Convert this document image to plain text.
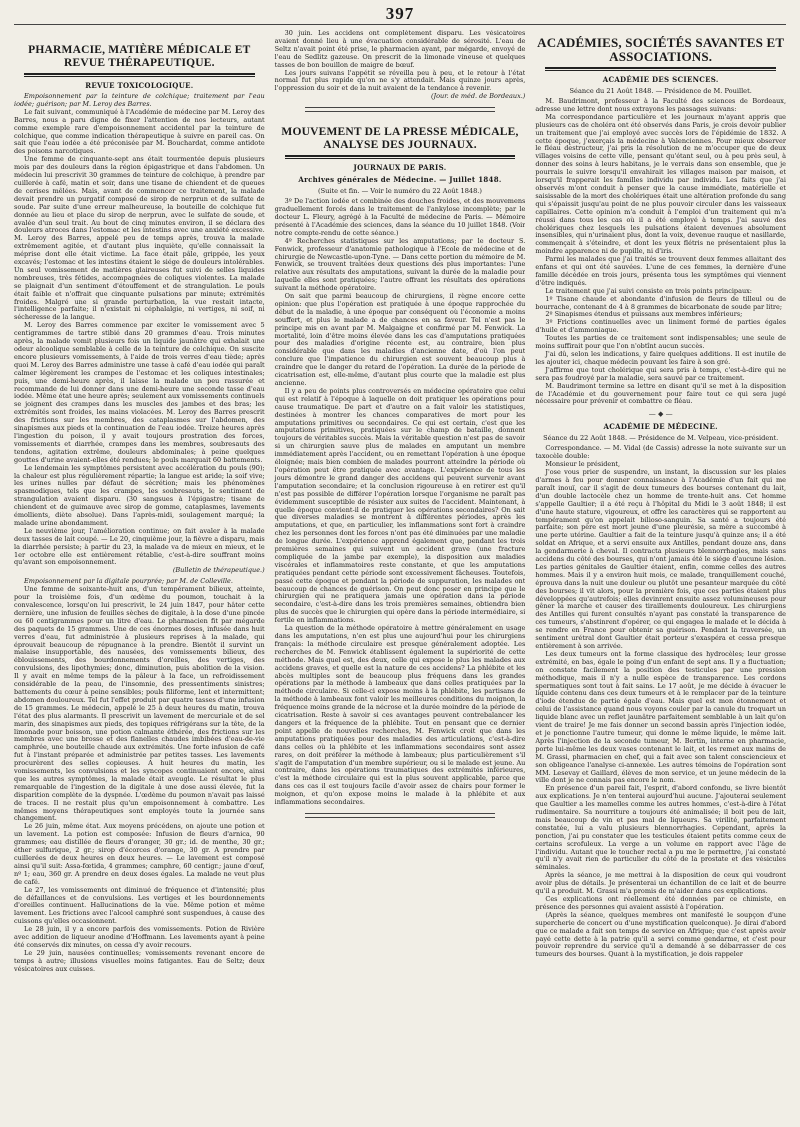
397
PHARMACIE, MATIÈRE MÉDICALE ET REVUE THÉRAPEUTIQUE.
REVUE TOXICOLOGIQUE.

Empoisonnement par la teinture de colchique; traitement par l'eau iodée; guérison; par M. Leroy des Barres.

Le fait suivant, communiqué à l'Académie de médecine par M. Leroy des Barres, nous a paru digne de fixer l'attention de nos lecteurs, autant comme exemple rare d'empoisonnement accidentel par la teinture de colchique, que comme indication thérapeutique à suivre en pareil cas. On sait que l'eau iodée a été préconisée par M. Bouchardat, comme antidote des poisons narcotiques.

Une femme de cinquante-sept ans était tourmentée depuis plusieurs mois par des douleurs dans la région épigastrique et dans l'abdomen. Un médecin lui prescrivit 30 grammes de teinture de colchique, à prendre par cuillerée à café, matin et soir, dans une tisane de chiendent et de queues de cerises mêlées. Mais, avant de commencer ce traitement, la malade devait prendre un purgatif composé de sirop de nerprun et de sulfate de soude. Par suite d'une erreur malheureuse, la bouteille de colchique fut donnée au lieu et place du sirop de nerprun, avec le sulfate de soude, et avalée d'un seul trait. Au bout de cinq minutes environ, il se déclara des douleurs atroces dans l'estomac et les intestins avec une anxiété excessive. M. Leroy des Barres, appelé peu de temps après, trouva la malade extrêmement agitée, et d'autant plus inquiète, qu'elle connaissait la méprise dont elle était victime. La face était pâle, grippée, les yeux excavés; l'estomac et les intestins étaient le siége de douleurs intolérables. Un seul vomissement de matières glaireuses fut suivi de selles liquides nombreuses, très fétides, accompagnées de coliques violentes. La malade se plaignait d'un sentiment d'étouffement et de strangulation. Le pouls était faible et n'offrait que cinquante pulsations par minute; extrémités froides. Malgré une si grande perturbation, la vue restait intacte, l'intelligence parfaite; il n'existait ni céphalalgie, ni vertiges, ni soif, ni sécheresse de la langue.

M. Leroy des Barres commence par exciter le vomissement avec 5 centigrammes de tartre stibié dans 20 grammes d'eau. Trois minutes après, la malade vomit plusieurs fois un liquide jaunâtre qui exhalait une odeur alcoolique semblable à celle de la teinture de colchique. On suscite encore plusieurs vomissements, à l'aide de trois verres d'eau tiède; après quoi M. Leroy des Barres administre une tasse à café d'eau iodée qui paraît calmer légèrement les crampes de l'estomac et les coliques intestinales; puis, une demi-heure après, il laisse la malade un peu rassurée et recommande de lui donner dans une demi-heure une seconde tasse d'eau iodée. Même état une heure après; seulement aux vomissements continuels se joignent des crampes dans les muscles des jambes et des bras; les extrémités sont froides, les mains violacées. M. Leroy des Barres prescrit des frictions sur les membres, des cataplasmes sur l'abdomen, des sinapismes aux pieds et la continuation de l'eau iodée. Treize heures après l'ingestion du poison, il y avait toujours prostration des forces, vomissements et diarrhée, crampes dans les membres, soubresauts des tendons, agitation extrême, douleurs abdominales; à peine quelques gouttes d'urine avaient-elles été rendues; le pouls marquait 60 battements.

Le lendemain les symptômes persistent avec accélération du pouls (90); la chaleur est plus régulièrement répartie; la langue est aride; la soif vive; les urines nulles par défaut de sécrétion; mais les phénomènes spasmodiques, tels que les crampes, les soubresauts, le sentiment de strangulation avaient disparu. (30 sangsues à l'épigastre; tisane de chiendent et de guimauve avec sirop de gomme, cataplasmes, lavements émollients, diète absolue). Dans l'après-midi, soulagement marqué; la malade urine abondamment.

Le neuvième jour, l'amélioration continue; on fait avaler à la malade deux tasses de lait coupé. — Le 20, cinquième jour, la fièvre a disparu, mais la diarrhée persiste; à partir du 23, la malade va de mieux en mieux, et le 1er octobre elle est entièrement rétablie, c'est-à-dire souffrant moins qu'avant son empoisonnement.

(Bulletin de thérapeutique.)

Empoisonnement par la digitale pourprée; par M. de Colleville.

Une femme de soixante-huit ans, d'un tempérament bilieux, atteinte, pour la troisième fois, d'un œdème du poumon, touchait à la convalescence, lorsqu'on lui prescrivit, le 24 juin 1847, pour hâter cette dernière, une infusion de feuilles sèches de digitale, à la dose d'une pincée ou 60 centigrammes pour un litre d'eau. Le pharmacien fit par mégarde des paquets de 15 grammes. Une de ces énormes doses, infusée dans huit verres d'eau, fut administrée à plusieurs reprises à la malade, qui éprouvait beaucoup de répugnance à la prendre. Bientôt il survint un malaise insupportable, des nausées, des vomissements bilieux, des éblouissements, des bourdonnements d'oreilles, des vertiges, des convulsions, des lipothymies; donc, diminution, puis abolition de la vision. Il y avait en même temps de la pâleur à la face, un refroidissement considérable de la peau, de l'insomnie, des pressentiments sinistres; battements du cœur à peine sensibles; pouls filiforme, lent et intermittent; abdomen douloureux. Tel fut l'effet produit par quatre tasses d'une infusion de 15 grammes. Le médecin, appelé le 25 à deux heures du matin, trouva l'état des plus alarmants. Il prescrivit un lavement de mercuriale et de sel marin, des sinapismes aux pieds, des topiques réfrigérans sur la tête, de la limonade pour boisson, une potion calmante éthérée, des frictions sur les membres avec une brosse et des flanelles chaudes imbibées d'eau-de-vie camphrée, une bouteille chaude aux extrémités. Une forte infusion de café fut à l'instant préparée et administrée par petites tasses. Les lavements procurèrent des selles copieuses. A huit heures du matin, les vomissements, les convulsions et les syncopes continuaient encore, ainsi que les autres symptômes, la malade était aveugle. Le résultat le plus remarquable de l'ingestion de la digitale à une dose aussi élevée, fut la disparition complète de la dyspnée. L'œdème du poumon n'avait pas laissé de traces. Il ne restait plus qu'un empoisonnement à combattre. Les mêmes moyens thérapeutiques sont employés toute la journée sans changement.

Le 26 juin, même état. Aux moyens précédens, on ajoute une potion et un lavement. La potion est composée: Infusion de fleurs d'arnica, 90 grammes; eau distillée de fleurs d'oranger, 30 gr.; id. de menthe, 30 gr.; éther sulfurique, 2 gr.; sirop d'écorces d'orange, 30 gr. A prendre par cuillerées de deux heures en deux heures. — Le lavement est composé ainsi qu'il suit: Assa-fœtida, 4 grammes; camphre, 60 centigr.; jaune d'œuf, nº 1; eau, 360 gr. A prendre en deux doses égales. La malade ne veut plus de café.

Le 27, les vomissements ont diminué de fréquence et d'intensité; plus de défaillances et de convulsions. Les vertiges et les bourdonnements d'oreilles continuent. Hallucinations de la vue. Même potion et même lavement. Les frictions avec l'alcool camphré sont suspendues, à cause des cuissons qu'elles occasionnent.

Le 28 juin, il y a encore parfois des vomissements. Potion de Rivière avec addition de liqueur anodine d'Hoffmann. Les lavements ayant à peine été conservés dix minutes, on cessa d'y avoir recours.

Le 29 juin, nausées continuelles; vomissements revenant encore de temps à autre; illusions visuelles moins fatigantes. Eau de Seltz; deux vésicatoires aux cuisses.

30 juin. Les accidens ont complètement disparu. Les vésicatoires avaient donné lieu à une évacuation considérable de sérosité. L'eau de Seltz n'avait point été prise, le pharmacien ayant, par mégarde, envoyé de l'eau de Sedlitz gazeuse. On prescrit de la limonade vineuse et quelques tasses de bon bouillon de maigre de bœuf.

Les jours suivans l'appétit se réveilla peu à peu, et le retour à l'état normal fut plus rapide qu'on ne s'y attendait. Mais quinze jours après, l'oppression du soir et de la nuit avaient de la tendance à revenir.

(Jour. de méd. de Bordeaux.)

MOUVEMENT DE LA PRESSE MÉDICALE, ANALYSE DES JOURNAUX.
JOURNAUX DE PARIS.
Archives générales de Médecine. — Juillet 1848.
(Suite et fin. — Voir le numéro du 22 Août 1848.)

3º De l'action iodée et combinée des douches froides, et des mouvemens graduellement forcés dans le traitement de l'ankylose incomplète; par le docteur L. Fleury, agrégé à la Faculté de médecine de Paris. — Mémoire présenté à l'Académie des sciences, dans la séance du 10 juillet 1848. (Voir notre compte-rendu de cette séance.)

4º Recherches statistiques sur les amputations; par le docteur S. Fenwick, professeur d'anatomie pathologique à l'Ecole de médecine et de chirurgie de Newcastle-upon-Tyne. — Dans cette portion du mémoire de M. Fenwick, se trouvent traitées deux questions des plus importantes: l'une relative aux résultats des amputations, suivant la durée de la maladie pour laquelle elles sont pratiquées; l'autre offrant les résultats des opérations suivant la méthode opératoire.

On sait que parmi beaucoup de chirurgiens, il règne encore cette opinion: que plus l'opération est pratiquée à une époque rapprochée du début de la maladie, à une époque par conséquent où l'économie a moins souffert, et plus le malade a de chances en sa faveur. Tel n'est pas le principe mis en avant par M. Malgaigne et confirmé par M. Fenwick. La mortalité, loin d'être moins élevée dans les cas d'amputations pratiquées pour des maladies d'origine récente est, au contraire, bien plus considérable que dans les maladies d'ancienne date, d'où l'on peut conclure que l'impatience du chirurgien est souvent beaucoup plus à craindre que le danger du retard de l'opération. La durée de la période de cicatrisation est, elle-même, d'autant plus courte que la maladie est plus ancienne.

Il y a peu de points plus controversés en médecine opératoire que celui qui est relatif à l'époque à laquelle on doit pratiquer les opérations pour cause traumatique. De part et d'autre on a fait valoir les statistiques, destinées à montrer les chances comparatives de mort pour les amputations primitives ou secondaires. Ce qui est certain, c'est que les amputations primitives, pratiquées sur le champ de bataille, donnent toujours de véritables succès. Mais la véritable question n'est pas de savoir si un chirurgien sauve plus de malades en amputant un membre immédiatement après l'accident, ou en remettant l'opération à une époque éloignée; mais bien combien de malades pourront atteindre la période où l'opération peut être pratiquée avec avantage. L'expérience de tous les jours démontre le grand danger des accidens qui peuvent survenir avant l'amputation secondaire; et la conclusion rigoureuse à en retirer est qu'il n'est pas possible de différer l'opération lorsque l'organisme ne paraît pas évidemment susceptible de résister aux suites de l'accident. Maintenant, à quelle époque convient-il de pratiquer les opérations secondaires? On sait que diverses maladies se montrent à différentes périodes, après les amputations, et que, en particulier, les inflammations sont fort à craindre chez les personnes dont les forces n'ont pas été diminuées par une maladie de longue durée. L'expérience apprend également que, pendant les trois premières semaines qui suivent un accident grave (une fracture compliquée de la jambe par exemple), la disposition aux maladies viscérales et inflammatoires reste constante, et que les amputations pratiquées pendant cette période sont excessivement fâcheuses. Toutefois, passé cette époque et pendant la période de suppuration, les malades ont beaucoup de chances de guérison. On peut donc poser en principe que le chirurgien qui ne pratiquera jamais une opération dans la période secondaire, c'est-à-dire dans les trois premières semaines, obtiendra bien plus de succès que le chirurgien qui opère dans la période intermédiaire, si fertile en inflammations.

La question de la méthode opératoire à mettre généralement en usage dans les amputations, n'en est plus une aujourd'hui pour les chirurgiens français: la méthode circulaire est presque généralement adoptée. Les recherches de M. Fenwick établissent également la supériorité de cette méthode. Mais quel est, des deux, celle qui expose le plus les malades aux accidens graves, et quelle est la nature de ces accidens? La phlébite et les abcès multiples sont de beaucoup plus fréquens dans les grandes opérations par la méthode à lambeaux que dans celles pratiquées par la méthode circulaire. Si celle-ci expose moins à la phlébite, les partisans de la méthode à lambeaux font valoir les meilleures conditions du moignon, la fréquence moins grande de la nécrose et la durée moindre de la période de cicatrisation. Reste à savoir si ces avantages peuvent contrebalancer les dangers et la fréquence de la phlébite. Tout en pensant que ce dernier point appelle de nouvelles recherches, M. Fenwick croit que dans les amputations pratiquées pour des maladies des articulations, c'est-à-dire dans celles où la phlébite et les inflammations secondaires sont assez rares, on doit préférer la méthode à lambeaux; plus particulièrement s'il s'agit de l'amputation d'un membre supérieur, ou si le malade est jeune. Au contraire, dans les opérations traumatiques des extrémités inférieures, c'est la méthode circulaire qui est la plus souvent applicable, parce que dans ces cas il est toujours facile d'avoir assez de chairs pour former le moignon, et qu'on expose moins le malade à la phlébite et aux inflammations secondaires.

ACADÉMIES, SOCIÉTÉS SAVANTES ET ASSOCIATIONS.
ACADÉMIE DES SCIENCES.
Séance du 21 Août 1848. — Présidence de M. Pouillet.

M. Baudrimont, professeur à la Faculté des sciences de Bordeaux, adresse une lettre dont nous extrayons les passages suivans:

Ma correspondance particulière et les journaux m'ayant appris que plusieurs cas de choléra ont été observés dans Paris, je crois devoir publier un traitement que j'ai employé avec succès lors de l'épidémie de 1832. A cette époque, j'exerçais la médecine à Valenciennes. Pour mieux observer le fléau destructeur, j'ai pris la résolution de ne m'occuper que de deux villages voisins de cette ville, pensant qu'étant seul, ou à peu près seul, à donner des soins à leurs habitans, je le verrais dans son ensemble, que je pourrais le suivre lorsqu'il envahirait les villages maison par maison, et lorsqu'il frapperait les familles individu par individu. Les faits que j'ai observés m'ont conduit à penser que la cause immédiate, matérielle et saisissable de la mort des cholériques était une altération profonde du sang qui s'épaissit jusqu'au point de ne plus pouvoir circuler dans les vaisseaux capillaires. Cette opinion m'a conduit à l'emploi d'un traitement qui m'a réussi dans tous les cas où il a été employé à temps. J'ai sauvé des cholériques chez lesquels les pulsations étaient devenues absolument insensibles, qui n'urinaient plus, dont la voix, devenue rauque et nasillarde, commençait à s'éteindre, et dont les yeux flétris ne présentaient plus la moindre apparence ni de pupille, ni d'iris.

Parmi les malades que j'ai traités se trouvent deux femmes allaitant des enfans et qui ont été sauvées. L'une de ces femmes, la dernière d'une famille décédée en trois jours, présenta tous les symptômes qui viennent d'être indiqués.

Le traitement que j'ai suivi consiste en trois points principaux:

1º Tisane chaude et abondante d'infusion de fleurs de tilleul ou de bourrache, contenant de 4 à 8 grammes de bicarbonate de soude par litre;

2º Sinapismes étendus et puissans aux membres inférieurs;

3º Frictions continuelles avec un liniment formé de parties égales d'huile et d'ammoniaque.

Toutes les parties de ce traitement sont indispensables; une seule de moins suffirait pour que l'on n'obtînt aucun succès.

J'ai dû, selon les indications, y faire quelques additions. Il est inutile de les ajouter ici, chaque médecin pouvant les faire à son gré.

J'affirme que tout cholérique qui sera pris à temps, c'est-à-dire qui ne sera pas foudroyé par la maladie, sera sauvé par ce traitement.

M. Baudrimont termine sa lettre en disant qu'il se met à la disposition de l'Académie et du gouvernement pour faire tout ce qui sera jugé nécessaire pour prévenir et combattre ce fléau.

— ◆ —
ACADÉMIE DE MÉDECINE.
Séance du 22 Août 1848. — Présidence de M. Velpeau, vice-président.

Correspondance. — M. Vidal (de Cassis) adresse la note suivante sur un taxocèle double:

Monsieur le président,

J'ose vous prier de suspendre, un instant, la discussion sur les plaies d'armes à feu pour donner connaissance à l'Académie d'un fait qui me paraît inouï, car il s'agit de deux tumeurs des bourses contenant du lait, d'un double lactocèle chez un homme de trente-huit ans. Cet homme s'appelle Gaultier; il a été reçu à l'hôpital du Midi le 3 août 1848; il est d'une haute stature, vigoureux, et offre les caractères qui se rapportent au tempérament qu'on appelait bilioso-sanguin. Sa santé a toujours été parfaite; son père est mort jeune d'une pleurésie, sa mère a succombé à une perte utérine. Gaultier a fait de la teinture jusqu'à quinze ans; il a été soldat en Afrique, et a servi ensuite aux Antilles, pendant douze ans, dans la gendarmerie à cheval. Il contracta plusieurs blennorrhagies, mais sans accidens du côté des bourses, qui n'ont jamais été le siége d'aucune lésion. Les parties génitales de Gaultier étaient, enfin, comme celles des autres hommes. Mais il y a environ huit mois, ce malade, tranquillement couché, éprouva dans la nuit une douleur ou plutôt une pesanteur marquée du côté des bourses; il vit alors, pour la première fois, que ces parties étaient plus développées qu'autrefois; elles devinrent ensuite assez volumineuses pour gêner la marche et causer des tiraillements douloureux. Les chirurgiens des Antilles qui furent consultés n'ayant pas constaté la transparence de ces tumeurs, s'abstinrent d'opérer, ce qui engagea le malade et le décida à se rendre en France pour obtenir sa guérison. Pendant la traversée, un sentiment urétral dont Gaultier était porteur s'exaspéra et cessa presque entièrement à son arrivée.

Les deux tumeurs ont la forme classique des hydrocèles; leur grosse extrémité, en bas, égale le poing d'un enfant de sept ans. Il y a fluctuation; on constate facilement la position des testicules par une pression méthodique, mais il n'y a nulle espèce de transparence. Les cordons spermatiques sont tout à fait sains. Le 17 août, je me décide à évacuer le liquide contenu dans ces deux tumeurs et à le remplacer par de la teinture d'iode étendue de partie égale d'eau. Mais quel est mon étonnement et celui de l'assistance quand nous voyons couler par la canule du troquart un liquide blanc avec un reflet jaunâtre parfaitement semblable à un lait qu'on vient de traire! Je me fais donner un second bassin après l'injection iodée, et je ponctionne l'autre tumeur, qui donne le même liquide, le même lait. Après l'injection de la seconde tumeur, M. Bertin, interne en pharmacie, porte lui-même les deux vases contenant le lait, et les remet aux mains de M. Grassi, pharmacien en chef, qui a fait avec son talent consciencieux et son obligeance l'analyse ci-annexée. Les autres témoins de l'opération sont MM. Lesevay et Gaillard, élèves de mon service, et un jeune médecin de la ville dont je ne connais pas encore le nom.

En présence d'un pareil fait, l'esprit, d'abord confondu, se livre bientôt aux explications. Je n'en tenterai aujourd'hui aucune. J'ajouterai seulement que Gaultier a les mamelles comme les autres hommes, c'est-à-dire à l'état rudimentaire. Sa nourriture a toujours été animalisée; il boit peu de lait, mais beaucoup de vin et pas mal de liqueurs. Sa virilité, parfaitement constatée, lui a valu plusieurs blennorrhagies. Cependant, après la ponction, j'ai pu constater que les testicules étaient petits comme ceux de certains scrofuleux. La verge a un volume en rapport avec l'âge de l'individu. Autant que le toucher rectal a pu me le permettre, j'ai constaté qu'il n'y avait rien de particulier du côté de la prostate et des vésicules séminales.

Après la séance, je me mettrai à la disposition de ceux qui voudront avoir plus de détails. Je présenterai un échantillon de ce lait et de beurre qu'il a produit. M. Grassi m'a promis de m'aider dans ces explications.

Ces explications ont réellement été données par ce chimiste, en présence des personnes qui avaient assisté à l'opération.

(Après la séance, quelques membres ont manifesté le soupçon d'une supercherie de concert ou d'une mystification quelconque). Je dirai d'abord que ce malade a fait son temps de service en Afrique; que c'est après avoir payé cette dette à la patrie qu'il a servi comme gendarme, et c'est pour pouvoir reprendre du service qu'il a demandé à se débarrasser de ces tumeurs des bourses. Quant à la mystification, je dois rappeler
